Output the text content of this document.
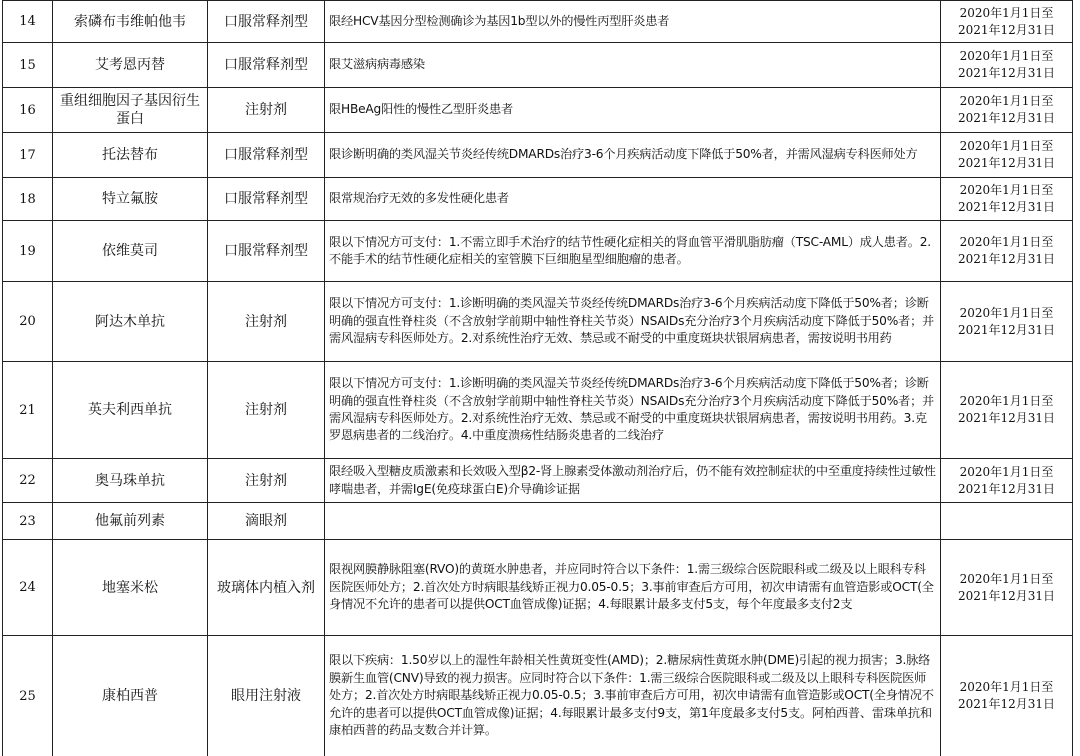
14	索磷布韦维帕他韦	口服常释剂型	限经HCV基因分型检测确诊为基因1b型以外的慢性丙型肝炎患者	2020年1月1日至
2021年12月31日
15	艾考恩丙替	口服常释剂型	限艾滋病病毒感染	2020年1月1日至
2021年12月31日
16	重组细胞因子基因衍生蛋白	注射剂	限HBeAg阳性的慢性乙型肝炎患者	2020年1月1日至
2021年12月31日
17	托法替布	口服常释剂型	限诊断明确的类风湿关节炎经传统DMARDs治疗3-6个月疾病活动度下降低于50%者，并需风湿病专科医师处方	2020年1月1日至
2021年12月31日
18	特立氟胺	口服常释剂型	限常规治疗无效的多发性硬化患者	2020年1月1日至
2021年12月31日
19	依维莫司	口服常释剂型	限以下情况方可支付：1.不需立即手术治疗的结节性硬化症相关的肾血管平滑肌脂肪瘤（TSC-AML）成人患者。2.不能手术的结节性硬化症相关的室管膜下巨细胞星型细胞瘤的患者。	2020年1月1日至
2021年12月31日
20	阿达木单抗	注射剂	限以下情况方可支付：1.诊断明确的类风湿关节炎经传统DMARDs治疗3-6个月疾病活动度下降低于50%者；诊断明确的强直性脊柱炎（不含放射学前期中轴性脊柱关节炎）NSAIDs充分治疗3个月疾病活动度下降低于50%者；并需风湿病专科医师处方。2.对系统性治疗无效、禁忌或不耐受的中重度斑块状银屑病患者，需按说明书用药	2020年1月1日至
2021年12月31日
21	英夫利西单抗	注射剂	限以下情况方可支付：1.诊断明确的类风湿关节炎经传统DMARDs治疗3-6个月疾病活动度下降低于50%者；诊断明确的强直性脊柱炎（不含放射学前期中轴性脊柱关节炎）NSAIDs充分治疗3个月疾病活动度下降低于50%者；并需风湿病专科医师处方。2.对系统性治疗无效、禁忌或不耐受的中重度斑块状银屑病患者，需按说明书用药。3.克罗恩病患者的二线治疗。4.中重度溃疡性结肠炎患者的二线治疗	2020年1月1日至
2021年12月31日
22	奥马珠单抗	注射剂	限经吸入型糖皮质激素和长效吸入型β2-肾上腺素受体激动剂治疗后，仍不能有效控制症状的中至重度持续性过敏性哮喘患者，并需IgE(免疫球蛋白E)介导确诊证据	2020年1月1日至
2021年12月31日
23	他氟前列素	滴眼剂		

24	地塞米松	玻璃体内植入剂	限视网膜静脉阻塞(RVO)的黄斑水肿患者，并应同时符合以下条件：1.需三级综合医院眼科或二级及以上眼科专科医院医师处方；2.首次处方时病眼基线矫正视力0.05-0.5；3.事前审查后方可用，初次申请需有血管造影或OCT(全身情况不允许的患者可以提供OCT血管成像)证据；4.每眼累计最多支付5支，每个年度最多支付2支	2020年1月1日至
2021年12月31日
25	康柏西普	眼用注射液	限以下疾病：1.50岁以上的湿性年龄相关性黄斑变性(AMD)；2.糖尿病性黄斑水肿(DME)引起的视力损害；3.脉络膜新生血管(CNV)导致的视力损害。应同时符合以下条件：1.需三级综合医院眼科或二级及以上眼科专科医院医师处方；2.首次处方时病眼基线矫正视力0.05-0.5；3.事前审查后方可用，初次申请需有血管造影或OCT(全身情况不允许的患者可以提供OCT血管成像)证据；4.每眼累计最多支付9支，第1年度最多支付5支。阿柏西普、雷珠单抗和康柏西普的药品支数合并计算。	2020年1月1日至
2021年12月31日
